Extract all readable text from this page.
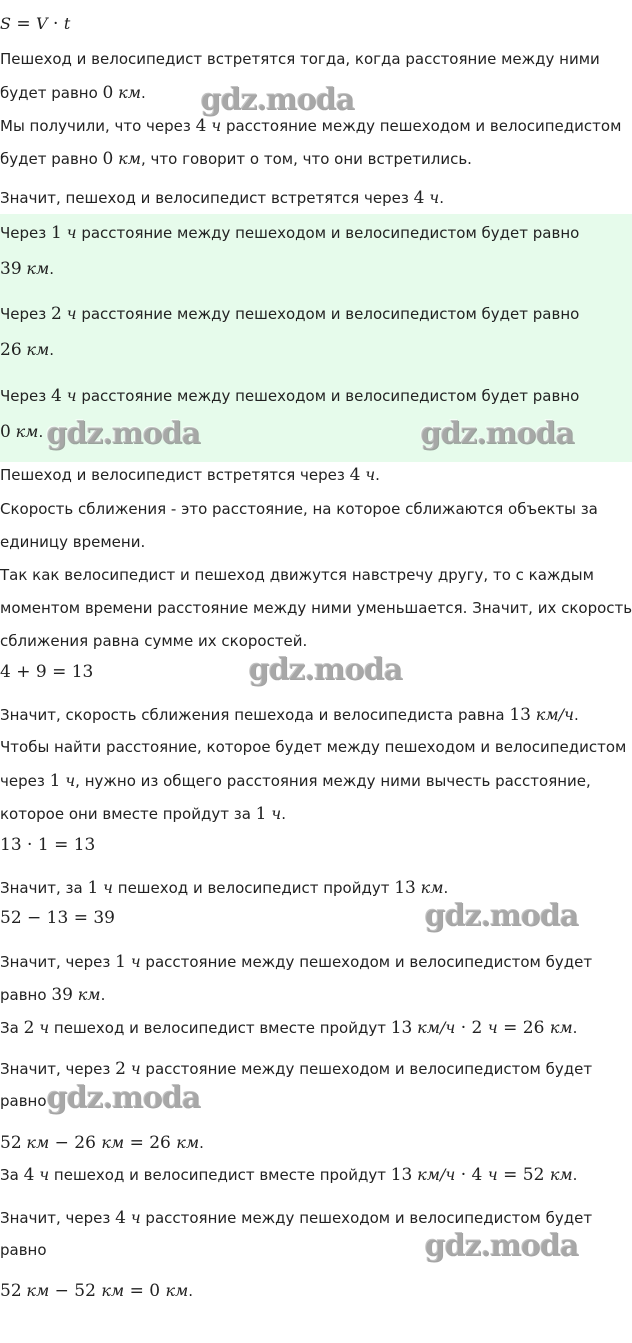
S = V · t
Пешеход и велосипедист встретятся тогда, когда расстояние между ними
будет равно 0 км.
Мы получили, что через 4 ч расстояние между пешеходом и велосипедистом
будет равно 0 км, что говорит о том, что они встретились.
Значит, пешеход и велосипедист встретятся через 4 ч.
Через 1 ч расстояние между пешеходом и велосипедистом будет равно
39 км.
Через 2 ч расстояние между пешеходом и велосипедистом будет равно
26 км.
Через 4 ч расстояние между пешеходом и велосипедистом будет равно
0 км.
Пешеход и велосипедист встретятся через 4 ч.
Скорость сближения - это расстояние, на которое сближаются объекты за
единицу времени.
Так как велосипедист и пешеход движутся навстречу другу, то с каждым
моментом времени расстояние между ними уменьшается. Значит, их скорость
сближения равна сумме их скоростей.
4 + 9 = 13
Значит, скорость сближения пешехода и велосипедиста равна 13 км/ч.
Чтобы найти расстояние, которое будет между пешеходом и велосипедистом
через 1 ч, нужно из общего расстояния между ними вычесть расстояние,
которое они вместе пройдут за 1 ч.
13 · 1 = 13
Значит, за 1 ч пешеход и велосипедист пройдут 13 км.
52 − 13 = 39
Значит, через 1 ч расстояние между пешеходом и велосипедистом будет
равно 39 км.
За 2 ч пешеход и велосипедист вместе пройдут 13 км/ч · 2 ч = 26 км.
Значит, через 2 ч расстояние между пешеходом и велосипедистом будет
равно
52 км − 26 км = 26 км.
За 4 ч пешеход и велосипедист вместе пройдут 13 км/ч · 4 ч = 52 км.
Значит, через 4 ч расстояние между пешеходом и велосипедистом будет
равно
52 км − 52 км = 0 км.
gdz.moda
gdz.moda	gdz.moda
gdz.moda
gdz.moda
gdz.moda
gdz.moda
